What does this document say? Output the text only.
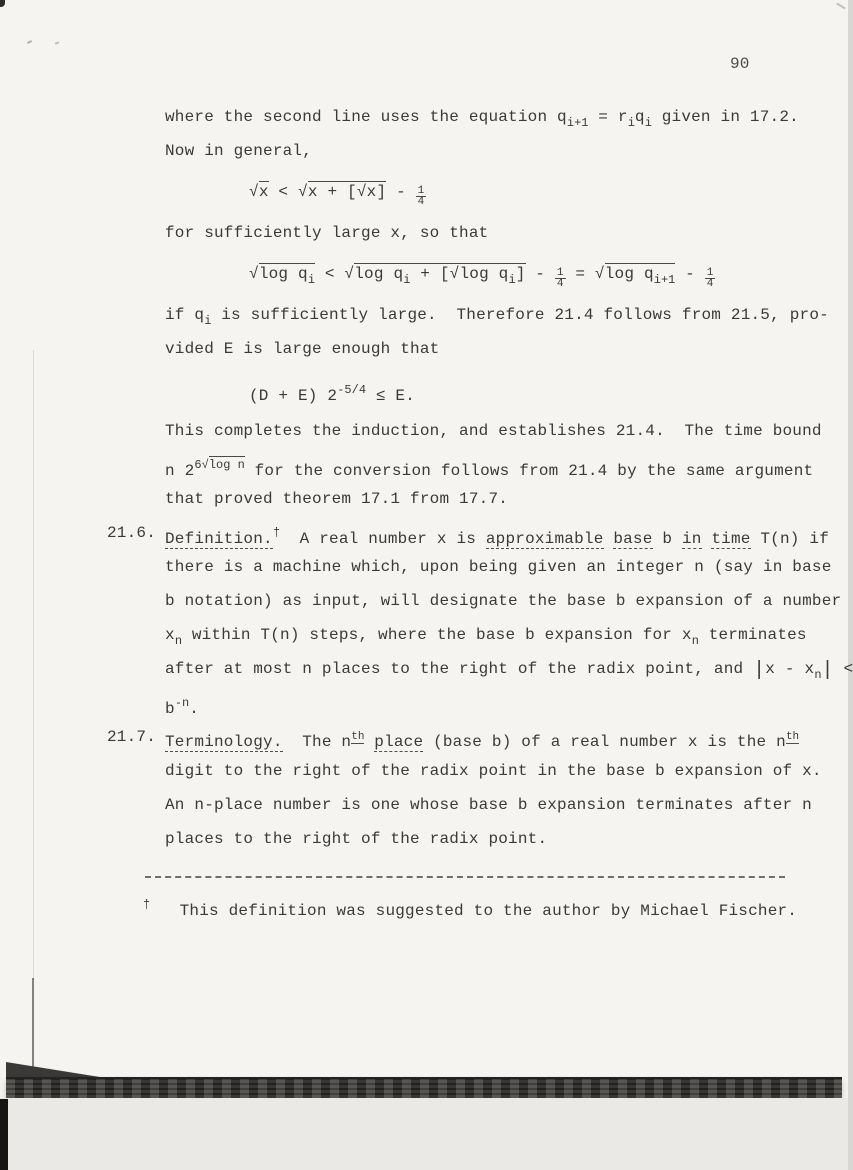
90
where the second line uses the equation $q_{i+1} = r_iq_i$ given in 17.2.
Now in general,
$√x < √x + [√x] - \frac{1}{4}$
for sufficiently large x, so that
√log $q_i < √\log$ $q_i + [√\log$ $q_i] - \frac{1}{4} = √\log$ $q_{i+1} - \frac{1}{4}$
if $q_i$ is sufficiently large.  Therefore 21.4 follows from 21.5, pro-
vided E is large enough that
(D + E) $2^{-5/4} \le E$.
This completes the induction, and establishes 21.4.  The time bound
n $2^{6√log n}$ for the conversion follows from 21.4 by the same argument
that proved theorem 17.1 from 17.7.
21.6. Definition.†  A real number x is approximable base b in time T(n) if
there is a machine which, upon being given an integer n (say in base
b notation) as input, will designate the base b expansion of a number
$x_n$ within T(n) steps, where the base b expansion for $x_n$ terminates
after at most n places to the right of the radix point, and $|x - x_n|$ <
$b^{-n}$.
21.7. Terminology.  The $n^{th}$ place (base b) of a real number x is the $n^{th}$
digit to the right of the radix point in the base b expansion of x.
An n-place number is one whose base b expansion terminates after n
places to the right of the radix point.
†   This definition was suggested to the author by Michael Fischer.
